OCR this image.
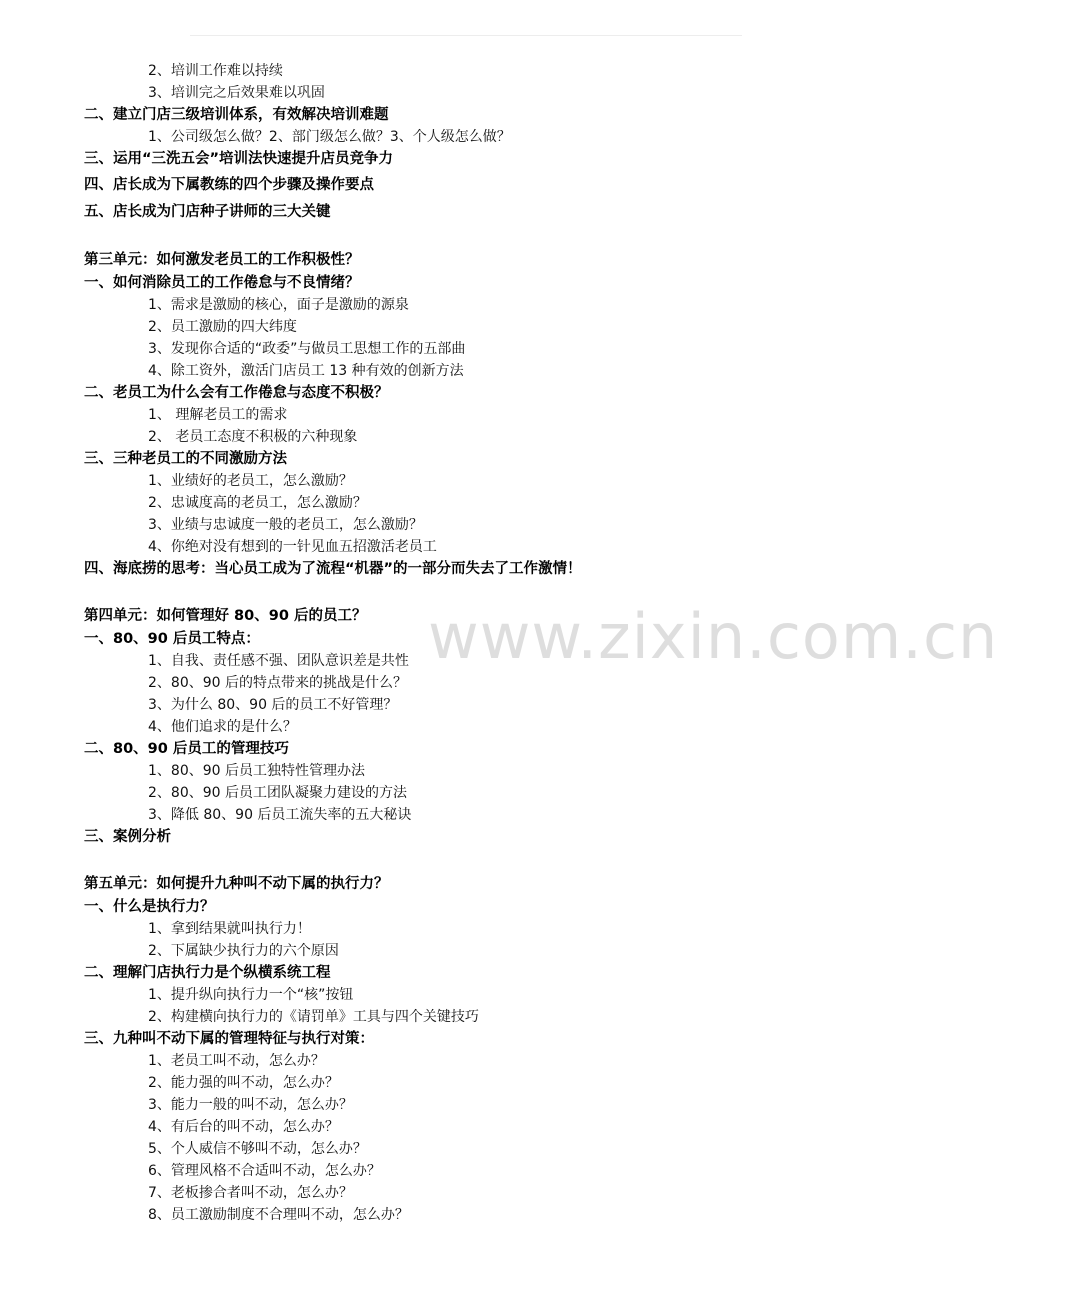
www.zixin.com.cn
2、培训工作难以持续
3、培训完之后效果难以巩固
二、建立门店三级培训体系，有效解决培训难题
1、公司级怎么做？2、部门级怎么做？3、个人级怎么做？
三、运用“三洗五会”培训法快速提升店员竞争力
四、店长成为下属教练的四个步骤及操作要点
五、店长成为门店种子讲师的三大关键
第三单元：如何激发老员工的工作积极性？
一、如何消除员工的工作倦怠与不良情绪？
1、需求是激励的核心，面子是激励的源泉
2、员工激励的四大纬度
3、发现你合适的“政委”与做员工思想工作的五部曲
4、除工资外，激活门店员工 13 种有效的创新方法
二、老员工为什么会有工作倦怠与态度不积极？
1、 理解老员工的需求
2、 老员工态度不积极的六种现象
三、三种老员工的不同激励方法
1、业绩好的老员工，怎么激励？
2、忠诚度高的老员工，怎么激励？
3、业绩与忠诚度一般的老员工，怎么激励？
4、你绝对没有想到的一针见血五招激活老员工
四、海底捞的思考：当心员工成为了流程“机器”的一部分而失去了工作激情！
第四单元：如何管理好 80、90 后的员工？
一、80、90 后员工特点：
1、自我、责任感不强、团队意识差是共性
2、80、90 后的特点带来的挑战是什么？
3、为什么 80、90 后的员工不好管理？
4、他们追求的是什么？
二、80、90 后员工的管理技巧
1、80、90 后员工独特性管理办法
2、80、90 后员工团队凝聚力建设的方法
3、降低 80、90 后员工流失率的五大秘诀
三、案例分析
第五单元：如何提升九种叫不动下属的执行力？
一、什么是执行力？
1、拿到结果就叫执行力！
2、下属缺少执行力的六个原因
二、理解门店执行力是个纵横系统工程
1、提升纵向执行力一个“核”按钮
2、构建横向执行力的《请罚单》工具与四个关键技巧
三、九种叫不动下属的管理特征与执行对策：
1、老员工叫不动，怎么办？
2、能力强的叫不动，怎么办？
3、能力一般的叫不动，怎么办？
4、有后台的叫不动，怎么办？
5、个人威信不够叫不动，怎么办？
6、管理风格不合适叫不动，怎么办？
7、老板掺合者叫不动，怎么办？
8、员工激励制度不合理叫不动，怎么办？
